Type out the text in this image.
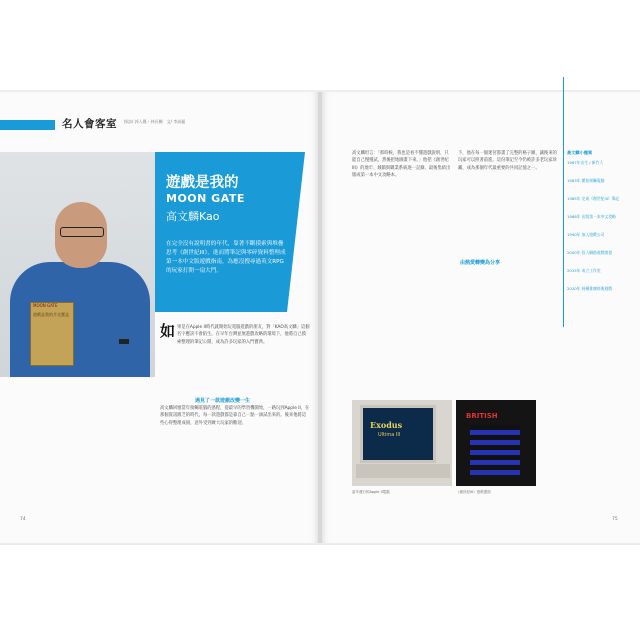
名人會客室 採訪/ 郭人鳳・林長團　文/ 李高麗
MOON GATE
遊戲是我的月光寶盒
遊戲是我的
MOON GATE
高文麟Kao
在完全沒有說明書的年代，靠著不斷摸索與堆疊思考《創世紀III》，進而將筆記與零碎資料整理成第一本中文版遊戲指南，為應沒搜尋過英文RPG的玩家打開一扇大門。
如 果是在Apple II時代就開始玩電腦遊戲的朋友，對「KAO高文麟」這個名字應該不會陌生。在早年台灣並無遊戲攻略的環境下，他將自己摸索整理的筆記公開，成為許多玩家的入門寶典。
遇見了一款遊戲改變一生
高文麟回憶當年接觸電腦的過程，從最早的學習機開始，一路玩到Apple II，在那個資訊匱乏的時代，每一款遊戲都是靠自己一點一滴試出來的。後來他將這些心得整理成冊，意外受到廣大玩家的歡迎。
74
高文麟坦言：「那時候，我也是看不懂遊戲說明，只能自己慢慢試，然後把地圖畫下來。」他把《創世紀III》的地牢、城鎮與職業系統逐一記錄，最後集結出版成第一本中文攻略本。
下，他在每一個迷宮都畫了完整的格子圖，讓後來的玩家可以照著前進。這份筆記至今仍被許多老玩家珍藏，成為那個年代最重要的共同記憶之一。
由熱愛轉變為分享
高文麟小檔案
1967年出生 / 新竹人
1983年 開始接觸電腦
1985年 完成《創世紀III》筆記
1986年 出版第一本中文攻略
1990年 加入遊戲公司
2000年 投入網路遊戲開發
2015年 成立工作室
2020年 持續推廣經典遊戲
Exodus
Ultima III
當年運行的Apple II電腦
BRITISH
《創世紀III》遊戲畫面
75
